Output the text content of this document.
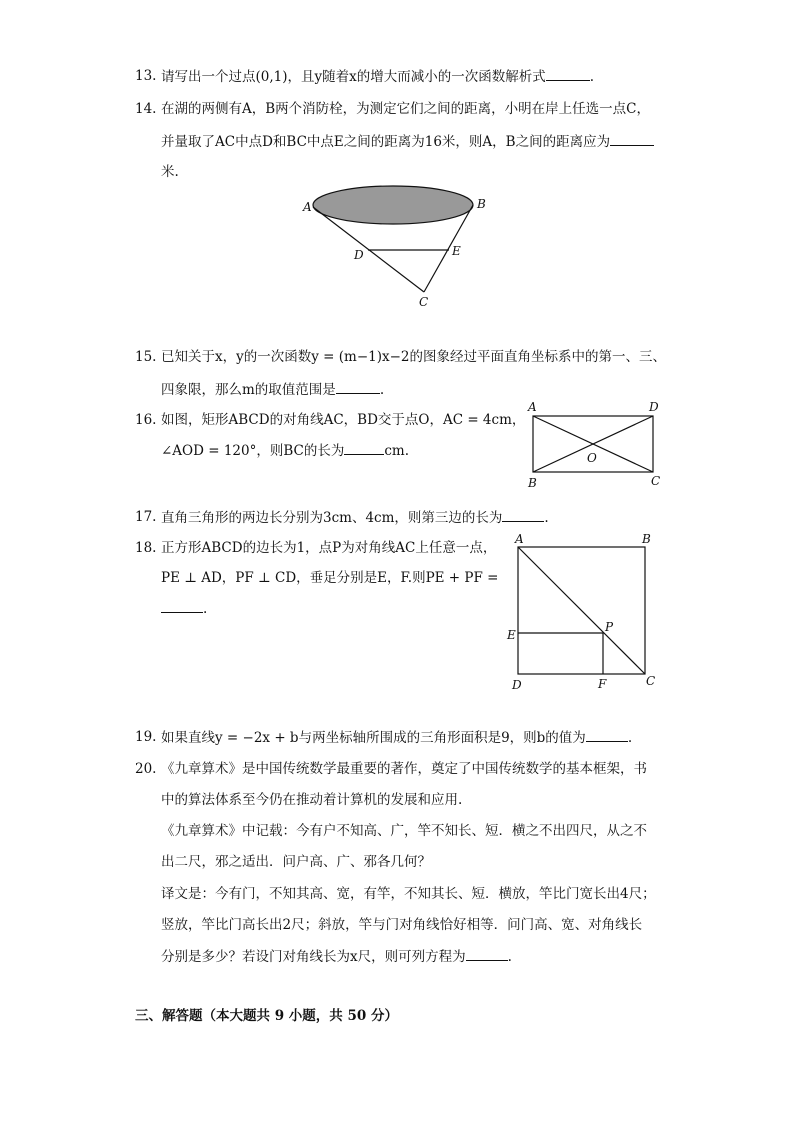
13. 请写出一个过点(0,1)，且y随着x的增大而减小的一次函数解析式	.
14. 在湖的两侧有A，B两个消防栓，为测定它们之间的距离，小明在岸上任选一点C，
并量取了AC中点D和BC中点E之间的距离为16米，则A，B之间的距离应为
米.
A	B
D	E
C
15. 已知关于x，y的一次函数y = (m−1)x−2的图象经过平面直角坐标系中的第一、三、
四象限，那么m的取值范围是	.
16. 如图，矩形ABCD的对角线AC，BD交于点O，AC = 4cm，
∠AOD = 120°，则BC的长为	cm.
A	D
O
B	C
17. 直角三角形的两边长分别为3cm、4cm，则第三边的长为	.
18. 正方形ABCD的边长为1，点P为对角线AC上任意一点，
PE ⊥ AD，PF ⊥ CD，垂足分别是E，F.则PE + PF =
.
A	B
E
P
D	F	C
19. 如果直线y = −2x + b与两坐标轴所围成的三角形面积是9，则b的值为	.
20. 《九章算术》是中国传统数学最重要的著作，奠定了中国传统数学的基本框架，书
中的算法体系至今仍在推动着计算机的发展和应用.
《九章算术》中记载：今有户不知高、广，竿不知长、短．横之不出四尺，从之不
出二尺，邪之适出．问户高、广、邪各几何？
译文是：今有门，不知其高、宽，有竿，不知其长、短．横放，竿比门宽长出4尺；
竖放，竿比门高长出2尺；斜放，竿与门对角线恰好相等．问门高、宽、对角线长
分别是多少？若设门对角线长为x尺，则可列方程为	.
三、解答题（本大题共 9 小题，共 50 分）
